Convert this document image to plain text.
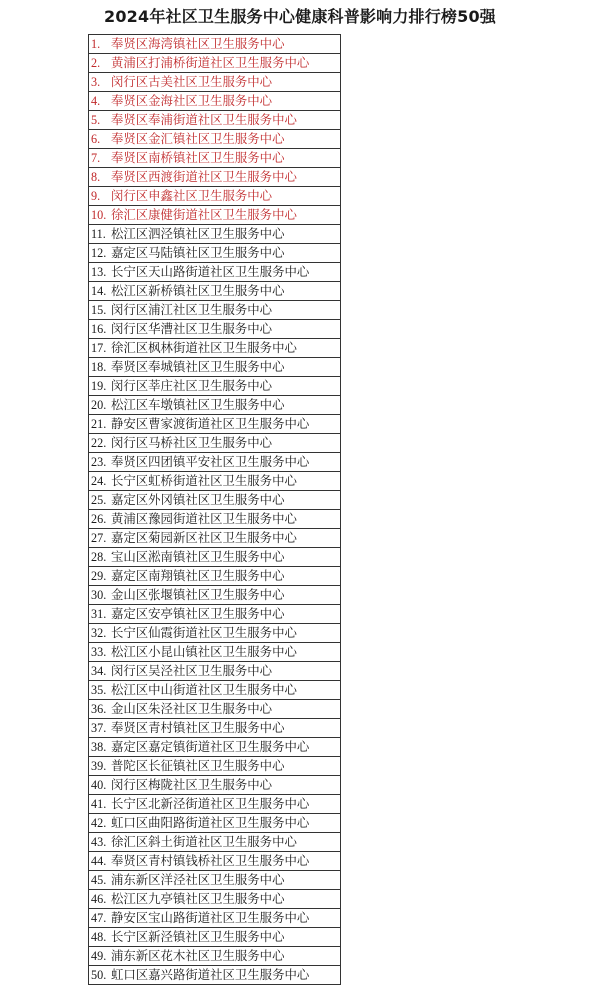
2024年社区卫生服务中心健康科普影响力排行榜50强
1. 奉贤区海湾镇社区卫生服务中心
2. 黄浦区打浦桥街道社区卫生服务中心
3. 闵行区古美社区卫生服务中心
4. 奉贤区金海社区卫生服务中心
5. 奉贤区奉浦街道社区卫生服务中心
6. 奉贤区金汇镇社区卫生服务中心
7. 奉贤区南桥镇社区卫生服务中心
8. 奉贤区西渡街道社区卫生服务中心
9. 闵行区申鑫社区卫生服务中心
10. 徐汇区康健街道社区卫生服务中心
11. 松江区泗泾镇社区卫生服务中心
12. 嘉定区马陆镇社区卫生服务中心
13. 长宁区天山路街道社区卫生服务中心
14. 松江区新桥镇社区卫生服务中心
15. 闵行区浦江社区卫生服务中心
16. 闵行区华漕社区卫生服务中心
17. 徐汇区枫林街道社区卫生服务中心
18. 奉贤区奉城镇社区卫生服务中心
19. 闵行区莘庄社区卫生服务中心
20. 松江区车墩镇社区卫生服务中心
21. 静安区曹家渡街道社区卫生服务中心
22. 闵行区马桥社区卫生服务中心
23. 奉贤区四团镇平安社区卫生服务中心
24. 长宁区虹桥街道社区卫生服务中心
25. 嘉定区外冈镇社区卫生服务中心
26. 黄浦区豫园街道社区卫生服务中心
27. 嘉定区菊园新区社区卫生服务中心
28. 宝山区淞南镇社区卫生服务中心
29. 嘉定区南翔镇社区卫生服务中心
30. 金山区张堰镇社区卫生服务中心
31. 嘉定区安亭镇社区卫生服务中心
32. 长宁区仙霞街道社区卫生服务中心
33. 松江区小昆山镇社区卫生服务中心
34. 闵行区吴泾社区卫生服务中心
35. 松江区中山街道社区卫生服务中心
36. 金山区朱泾社区卫生服务中心
37. 奉贤区青村镇社区卫生服务中心
38. 嘉定区嘉定镇街道社区卫生服务中心
39. 普陀区长征镇社区卫生服务中心
40. 闵行区梅陇社区卫生服务中心
41. 长宁区北新泾街道社区卫生服务中心
42. 虹口区曲阳路街道社区卫生服务中心
43. 徐汇区斜土街道社区卫生服务中心
44. 奉贤区青村镇钱桥社区卫生服务中心
45. 浦东新区洋泾社区卫生服务中心
46. 松江区九亭镇社区卫生服务中心
47. 静安区宝山路街道社区卫生服务中心
48. 长宁区新泾镇社区卫生服务中心
49. 浦东新区花木社区卫生服务中心
50. 虹口区嘉兴路街道社区卫生服务中心
